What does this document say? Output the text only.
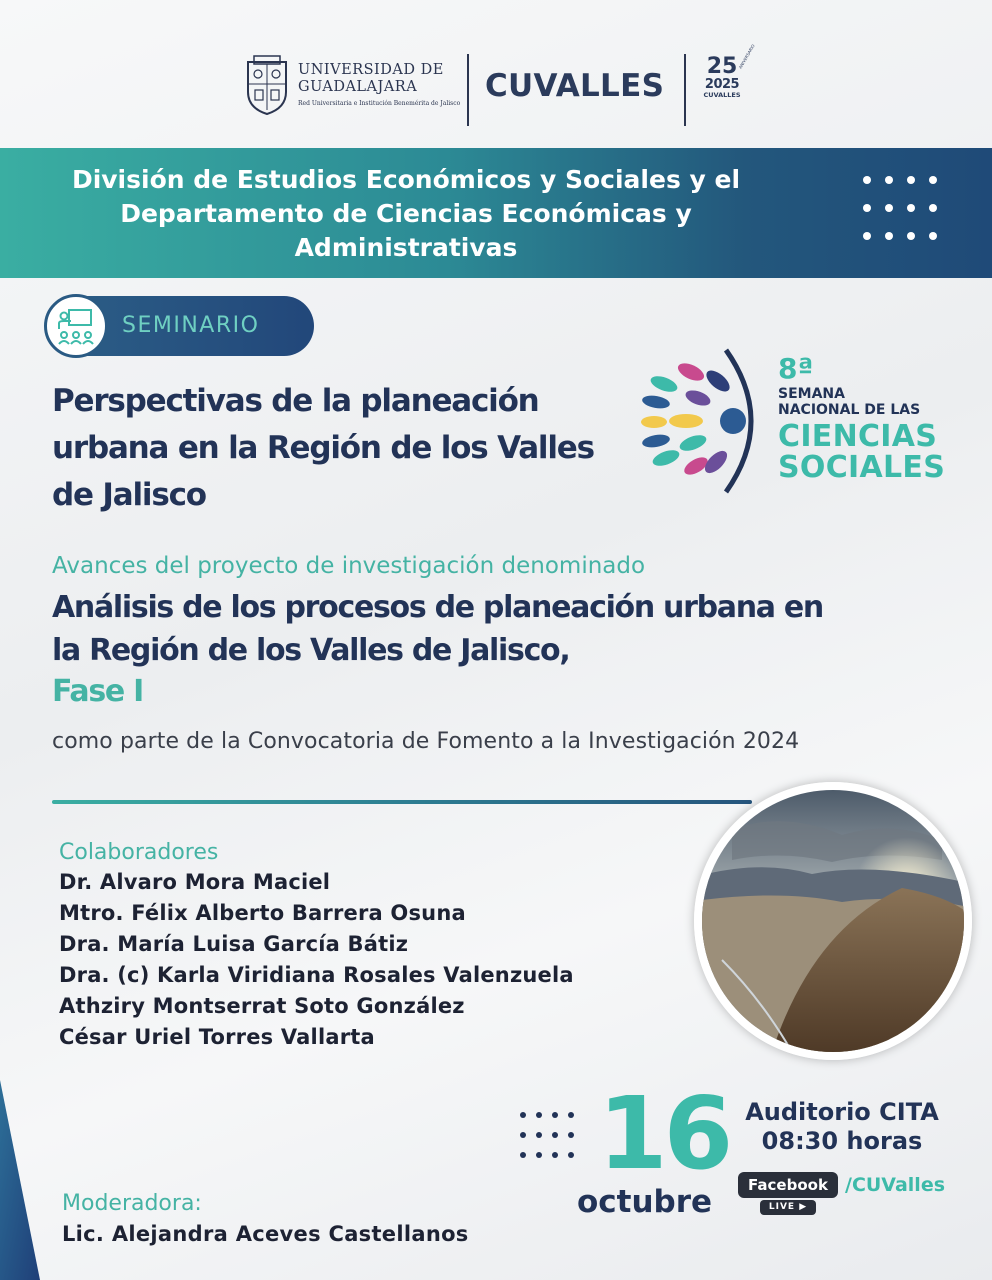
UNIVERSIDAD DE
GUADALAJARA
Red Universitaria e Institución Benemérita de Jalisco CUVALLES
25
2025
CUVALLES
ANIVERSARIO
División de Estudios Económicos y Sociales y el Departamento de Ciencias Económicas y Administrativas
SEMINARIO
Perspectivas de la planeación urbana en la Región de los Valles de Jalisco
8ª
SEMANA
NACIONAL DE LAS
CIENCIAS
SOCIALES
Avances del proyecto de investigación denominado
Análisis de los procesos de planeación urbana en la Región de los Valles de Jalisco,
Fase I
como parte de la Convocatoria de Fomento a la Investigación 2024
Colaboradores
Dr. Alvaro Mora Maciel
Mtro. Félix Alberto Barrera Osuna
Dra. María Luisa García Bátiz
Dra. (c) Karla Viridiana Rosales Valenzuela
Athziry Montserrat Soto González
César Uriel Torres Vallarta
16
octubre
Auditorio CITA
08:30 horas
Facebook
LIVE ▶
/CUValles
Moderadora:
Lic. Alejandra Aceves Castellanos
